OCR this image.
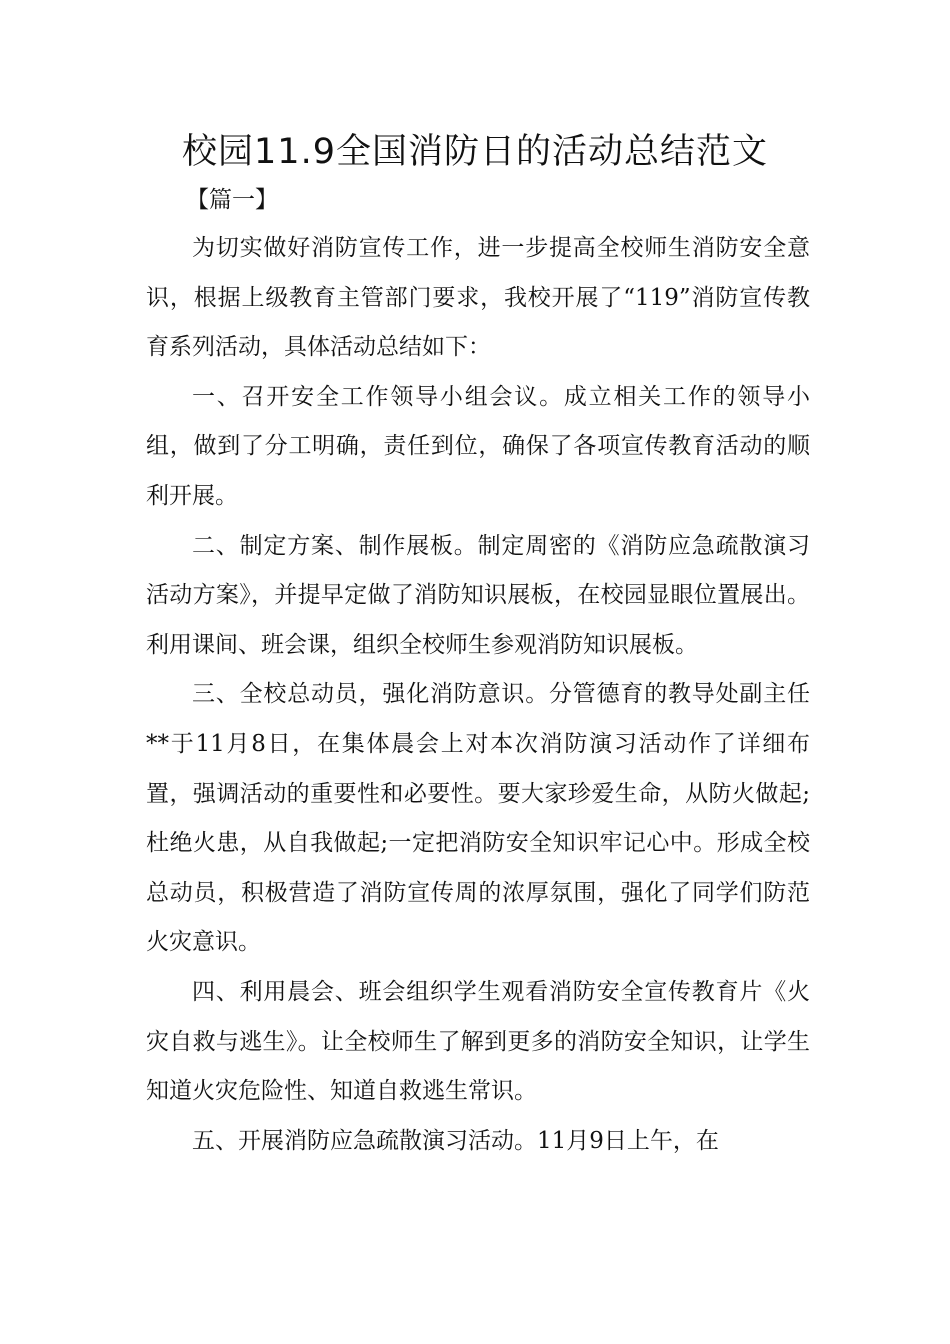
校园11.9全国消防日的活动总结范文
【篇一】

为切实做好消防宣传工作，进一步提高全校师生消防安全意识，根据上级教育主管部门要求，我校开展了“119”消防宣传教育系列活动，具体活动总结如下：

一、召开安全工作领导小组会议。成立相关工作的领导小组，做到了分工明确，责任到位，确保了各项宣传教育活动的顺利开展。

二、制定方案、制作展板。制定周密的《消防应急疏散演习活动方案》，并提早定做了消防知识展板，在校园显眼位置展出。利用课间、班会课，组织全校师生参观消防知识展板。

三、全校总动员，强化消防意识。分管德育的教导处副主任**于11月8日，在集体晨会上对本次消防演习活动作了详细布置，强调活动的重要性和必要性。要大家珍爱生命，从防火做起;杜绝火患，从自我做起;一定把消防安全知识牢记心中。形成全校总动员，积极营造了消防宣传周的浓厚氛围，强化了同学们防范火灾意识。

四、利用晨会、班会组织学生观看消防安全宣传教育片《火灾自救与逃生》。让全校师生了解到更多的消防安全知识，让学生知道火灾危险性、知道自救逃生常识。

五、开展消防应急疏散演习活动。11月9日上午，在
